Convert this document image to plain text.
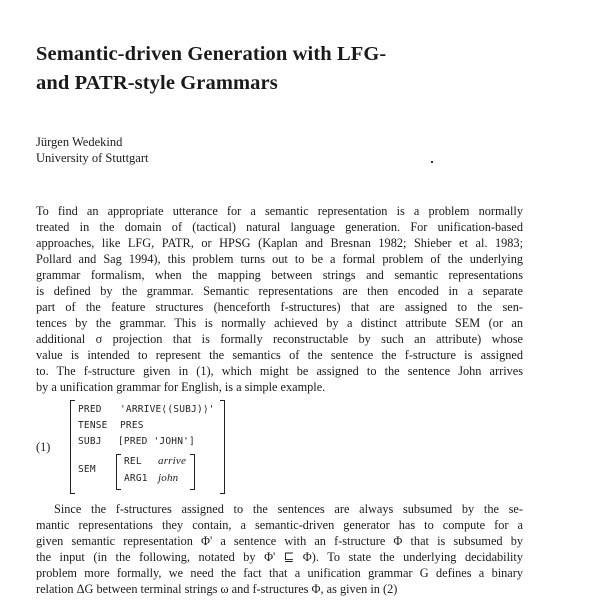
Semantic-driven Generation with LFG-
and PATR-style Grammars
Jürgen Wedekind
University of Stuttgart
To find an appropriate utterance for a semantic representation is a problem normally
treated in the domain of (tactical) natural language generation. For unification-based
approaches, like LFG, PATR, or HPSG (Kaplan and Bresnan 1982; Shieber et al. 1983;
Pollard and Sag 1994), this problem turns out to be a formal problem of the underlying
grammar formalism, when the mapping between strings and semantic representations
is defined by the grammar. Semantic representations are then encoded in a separate
part of the feature structures (henceforth f-structures) that are assigned to the sen-
tences by the grammar. This is normally achieved by a distinct attribute SEM (or an
additional σ projection that is formally reconstructable by such an attribute) whose
value is intended to represent the semantics of the sentence the f-structure is assigned
to. The f-structure given in (1), which might be assigned to the sentence John arrives
by a unification grammar for English, is a simple example.
(1)
PRED 'ARRIVE⟨(SUBJ)⟩'
TENSE PRES
SUBJ [PRED 'JOHN']
SEM
REL arrive
ARG1 john
Since the f-structures assigned to the sentences are always subsumed by the se-
mantic representations they contain, a semantic-driven generator has to compute for a
given semantic representation Φ' a sentence with an f-structure Φ that is subsumed by
the input (in the following, notated by Φ' ⊑ Φ). To state the underlying decidability
problem more formally, we need the fact that a unification grammar G defines a binary
relation ΔG between terminal strings ω and f-structures Φ, as given in (2)
